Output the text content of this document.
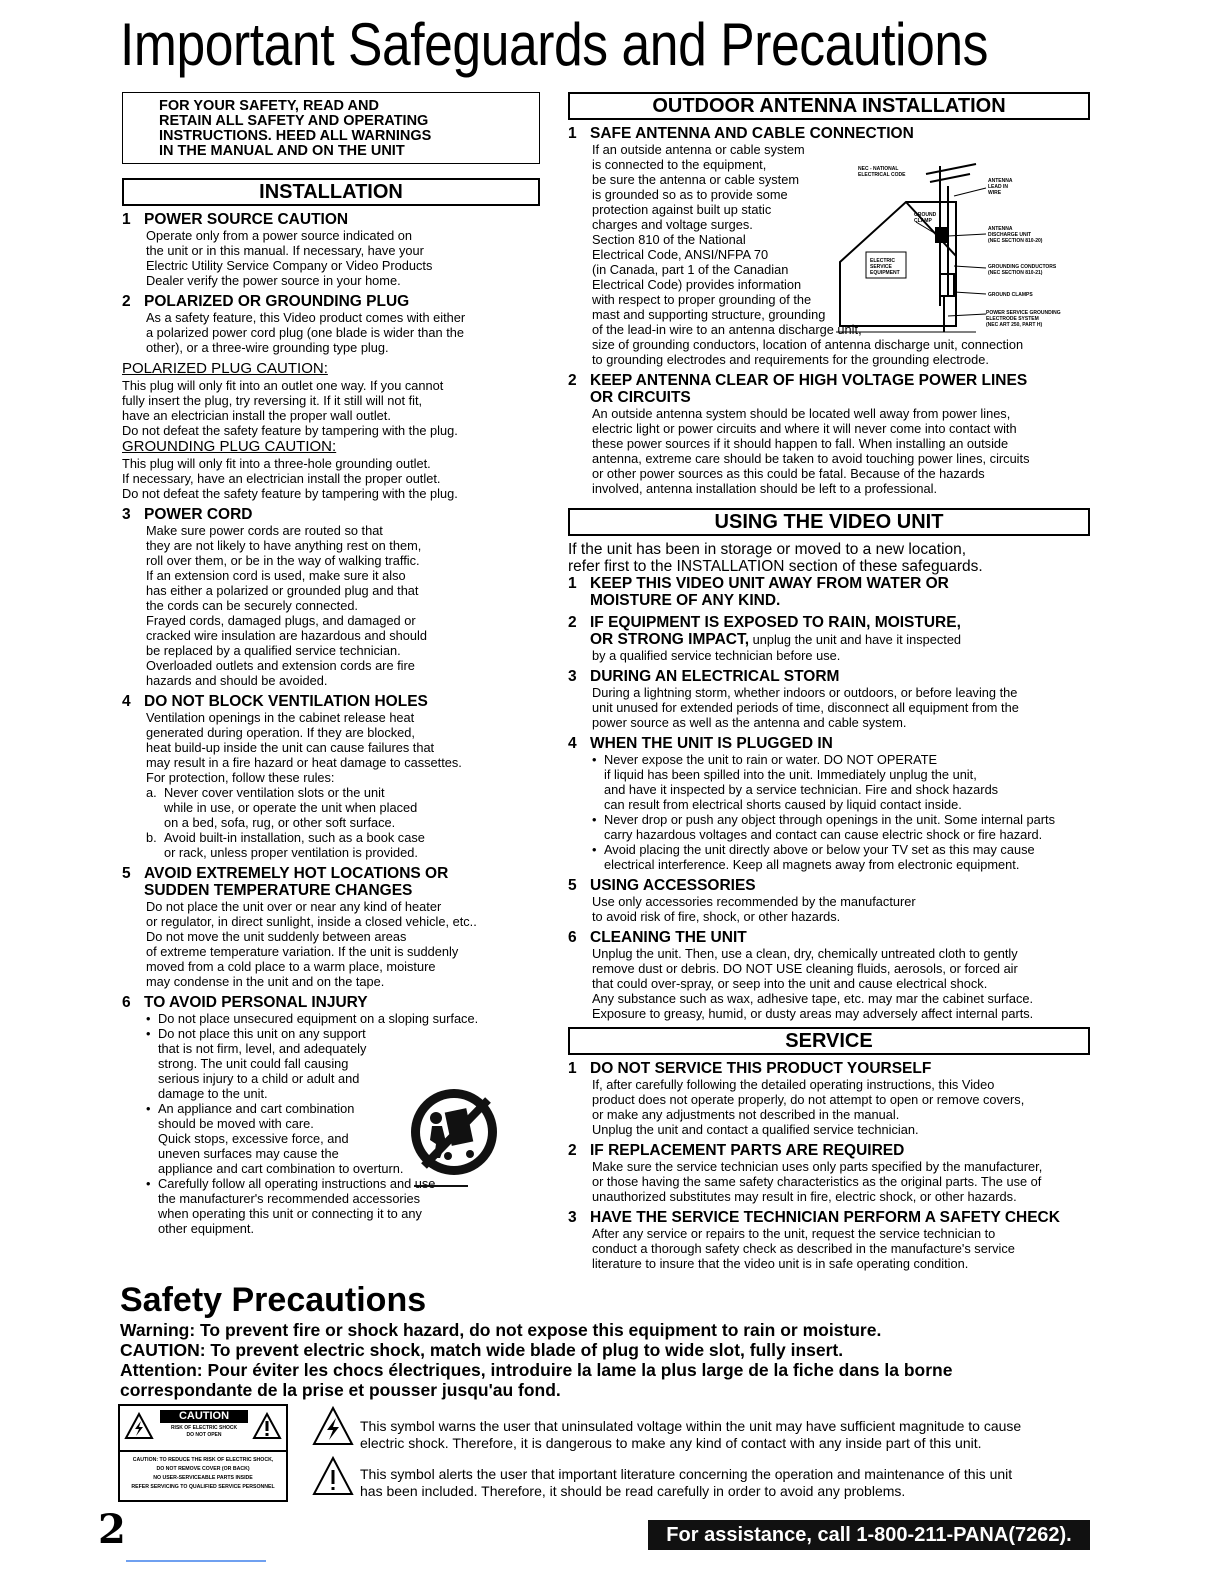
Important Safeguards and Precautions
FOR YOUR SAFETY, READ AND
RETAIN ALL SAFETY AND OPERATING
INSTRUCTIONS. HEED ALL WARNINGS
IN THE MANUAL AND ON THE UNIT
INSTALLATION
1 POWER SOURCE CAUTION
Operate only from a power source indicated on
the unit or in this manual. If necessary, have your
Electric Utility Service Company or Video Products
Dealer verify the power source in your home.
2 POLARIZED OR GROUNDING PLUG
As a safety feature, this Video product comes with either
a polarized power cord plug (one blade is wider than the
other), or a three-wire grounding type plug.
POLARIZED PLUG CAUTION:
This plug will only fit into an outlet one way. If you cannot
fully insert the plug, try reversing it. If it still will not fit,
have an electrician install the proper wall outlet.
Do not defeat the safety feature by tampering with the plug.
GROUNDING PLUG CAUTION:
This plug will only fit into a three-hole grounding outlet.
If necessary, have an electrician install the proper outlet.
Do not defeat the safety feature by tampering with the plug.
3 POWER CORD
Make sure power cords are routed so that
they are not likely to have anything rest on them,
roll over them, or be in the way of walking traffic.
If an extension cord is used, make sure it also
has either a polarized or grounded plug and that
the cords can be securely connected.
Frayed cords, damaged plugs, and damaged or
cracked wire insulation are hazardous and should
be replaced by a qualified service technician.
Overloaded outlets and extension cords are fire
hazards and should be avoided.
4 DO NOT BLOCK VENTILATION HOLES
Ventilation openings in the cabinet release heat
generated during operation. If they are blocked,
heat build-up inside the unit can cause failures that
may result in a fire hazard or heat damage to cassettes.
For protection, follow these rules:
a. Never cover ventilation slots or the unit
while in use, or operate the unit when placed
on a bed, sofa, rug, or other soft surface.
b. Avoid built-in installation, such as a book case
or rack, unless proper ventilation is provided.
5 AVOID EXTREMELY HOT LOCATIONS OR
SUDDEN TEMPERATURE CHANGES
Do not place the unit over or near any kind of heater
or regulator, in direct sunlight, inside a closed vehicle, etc..
Do not move the unit suddenly between areas
of extreme temperature variation. If the unit is suddenly
moved from a cold place to a warm place, moisture
may condense in the unit and on the tape.
6 TO AVOID PERSONAL INJURY
• Do not place unsecured equipment on a sloping surface.
• Do not place this unit on any support
that is not firm, level, and adequately
strong. The unit could fall causing
serious injury to a child or adult and
damage to the unit.
• An appliance and cart combination
should be moved with care.
Quick stops, excessive force, and
uneven surfaces may cause the
appliance and cart combination to overturn.
• Carefully follow all operating instructions and use
the manufacturer's recommended accessories
when operating this unit or connecting it to any
other equipment.
OUTDOOR ANTENNA INSTALLATION
1 SAFE ANTENNA AND CABLE CONNECTION
If an outside antenna or cable system
is connected to the equipment,
be sure the antenna or cable system
is grounded so as to provide some
protection against built up static
charges and voltage surges.
Section 810 of the National
Electrical Code, ANSI/NFPA 70
(in Canada, part 1 of the Canadian
Electrical Code) provides information
with respect to proper grounding of the
mast and supporting structure, grounding
of the lead-in wire to an antenna discharge unit,
size of grounding conductors, location of antenna discharge unit, connection
to grounding electrodes and requirements for the grounding electrode.
2 KEEP ANTENNA CLEAR OF HIGH VOLTAGE POWER LINES
OR CIRCUITS
An outside antenna system should be located well away from power lines,
electric light or power circuits and where it will never come into contact with
these power sources if it should happen to fall. When installing an outside
antenna, extreme care should be taken to avoid touching power lines, circuits
or other power sources as this could be fatal. Because of the hazards
involved, antenna installation should be left to a professional.
USING THE VIDEO UNIT
If the unit has been in storage or moved to a new location,
refer first to the INSTALLATION section of these safeguards.
1 KEEP THIS VIDEO UNIT AWAY FROM WATER OR
MOISTURE OF ANY KIND.
2 IF EQUIPMENT IS EXPOSED TO RAIN, MOISTURE,
OR STRONG IMPACT, unplug the unit and have it inspected
by a qualified service technician before use.
3 DURING AN ELECTRICAL STORM
During a lightning storm, whether indoors or outdoors, or before leaving the
unit unused for extended periods of time, disconnect all equipment from the
power source as well as the antenna and cable system.
4 WHEN THE UNIT IS PLUGGED IN
• Never expose the unit to rain or water. DO NOT OPERATE
if liquid has been spilled into the unit. Immediately unplug the unit,
and have it inspected by a service technician. Fire and shock hazards
can result from electrical shorts caused by liquid contact inside.
• Never drop or push any object through openings in the unit. Some internal parts
carry hazardous voltages and contact can cause electric shock or fire hazard.
• Avoid placing the unit directly above or below your TV set as this may cause
electrical interference. Keep all magnets away from electronic equipment.
5 USING ACCESSORIES
Use only accessories recommended by the manufacturer
to avoid risk of fire, shock, or other hazards.
6 CLEANING THE UNIT
Unplug the unit. Then, use a clean, dry, chemically untreated cloth to gently
remove dust or debris. DO NOT USE cleaning fluids, aerosols, or forced air
that could over-spray, or seep into the unit and cause electrical shock.
Any substance such as wax, adhesive tape, etc. may mar the cabinet surface.
Exposure to greasy, humid, or dusty areas may adversely affect internal parts.
SERVICE
1 DO NOT SERVICE THIS PRODUCT YOURSELF
If, after carefully following the detailed operating instructions, this Video
product does not operate properly, do not attempt to open or remove covers,
or make any adjustments not described in the manual.
Unplug the unit and contact a qualified service technician.
2 IF REPLACEMENT PARTS ARE REQUIRED
Make sure the service technician uses only parts specified by the manufacturer,
or those having the same safety characteristics as the original parts. The use of
unauthorized substitutes may result in fire, electric shock, or other hazards.
3 HAVE THE SERVICE TECHNICIAN PERFORM A SAFETY CHECK
After any service or repairs to the unit, request the service technician to
conduct a thorough safety check as described in the manufacture's service
literature to insure that the video unit is in safe operating condition.
NEC - NATIONAL ELECTRICAL CODE
ANTENNA LEAD IN WIRE
GROUND CLAMP
ANTENNA DISCHARGE UNIT (NEC SECTION 810-20)
ELECTRIC SERVICE EQUIPMENT
GROUNDING CONDUCTORS (NEC SECTION 810-21)
GROUND CLAMPS
POWER SERVICE GROUNDING ELECTRODE SYSTEM (NEC ART 250, PART H)
Safety Precautions
Warning: To prevent fire or shock hazard, do not expose this equipment to rain or moisture.
CAUTION: To prevent electric shock, match wide blade of plug to wide slot, fully insert.
Attention: Pour éviter les chocs électriques, introduire la lame la plus large de la fiche dans la borne
correspondante de la prise et pousser jusqu'au fond.
CAUTION
RISK OF ELECTRIC SHOCK
DO NOT OPEN
CAUTION: TO REDUCE THE RISK OF ELECTRIC SHOCK,
DO NOT REMOVE COVER (OR BACK)
NO USER-SERVICEABLE PARTS INSIDE
REFER SERVICING TO QUALIFIED SERVICE PERSONNEL
This symbol warns the user that uninsulated voltage within the unit may have sufficient magnitude to cause
electric shock. Therefore, it is dangerous to make any kind of contact with any inside part of this unit.
This symbol alerts the user that important literature concerning the operation and maintenance of this unit
has been included. Therefore, it should be read carefully in order to avoid any problems.
2	For assistance, call 1-800-211-PANA(7262).
